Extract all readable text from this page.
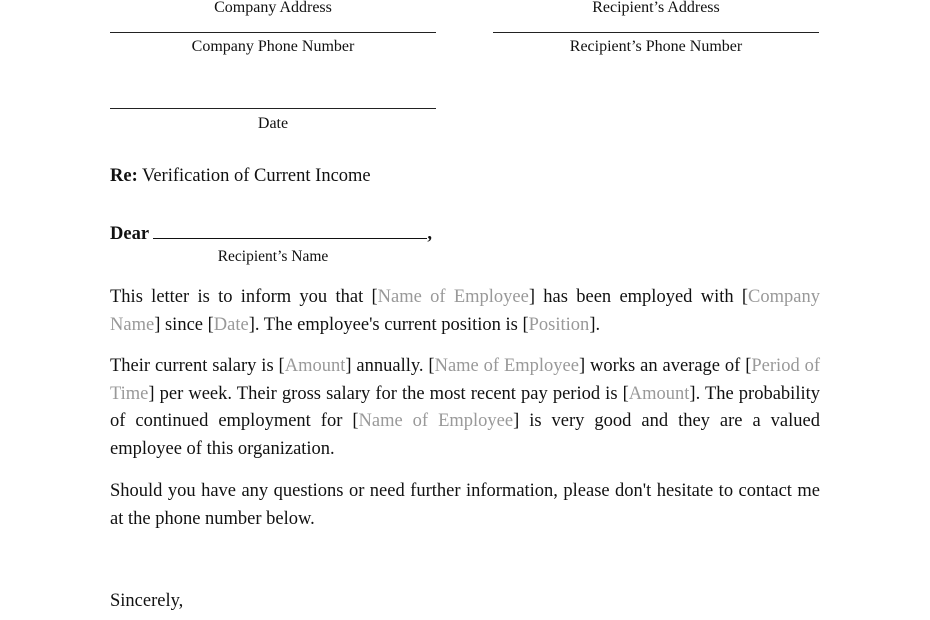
Company Address	Recipient’s Address
Company Phone Number	Recipient’s Phone Number
Date
Re: Verification of Current Income
Dear	,
Recipient’s Name

This letter is to inform you that [Name of Employee] has been employed with [Company Name] since [Date]. The employee's current position is [Position].

Their current salary is [Amount] annually. [Name of Employee] works an average of [Period of Time] per week. Their gross salary for the most recent pay period is [Amount]. The probability of continued employment for [Name of Employee] is very good and they are a valued employee of this organization.

Should you have any questions or need further information, please don't hesitate to contact me at the phone number below.

Sincerely,
